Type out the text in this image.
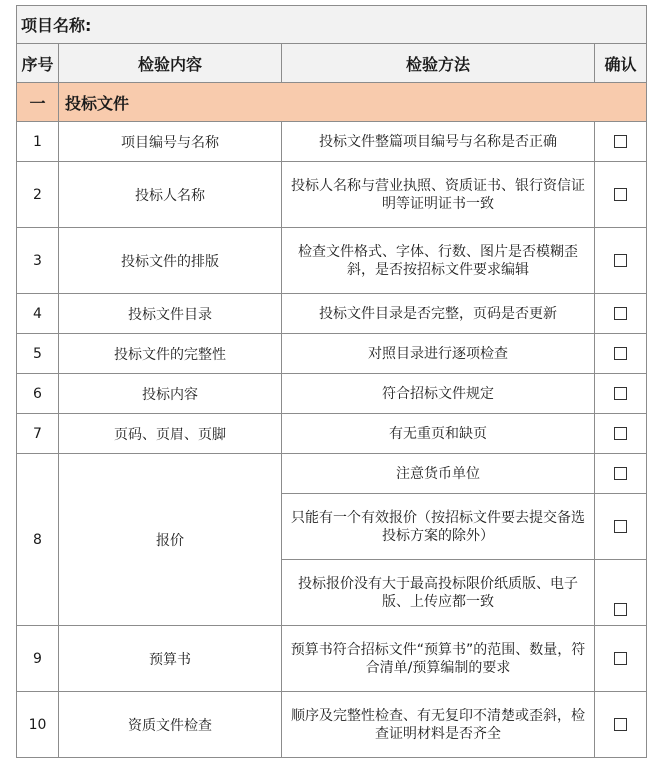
项目名称:			
序号	检验内容	检验方法	确认
一	投标文件		
1	项目编号与名称	投标文件整篇项目编号与名称是否正确	
2	投标人名称	投标人名称与营业执照、资质证书、银行资信证明等证明证书一致	
3	投标文件的排版	检查文件格式、字体、行数、图片是否模糊歪斜，是否按招标文件要求编辑	
4	投标文件目录	投标文件目录是否完整，页码是否更新	
5	投标文件的完整性	对照目录进行逐项检查	
6	投标内容	符合招标文件规定	
7	页码、页眉、页脚	有无重页和缺页	
8	报价	注意货币单位	
		只能有一个有效报价（按招标文件要去提交备选投标方案的除外）	
		投标报价没有大于最高投标限价纸质版、电子版、上传应都一致	
9	预算书	预算书符合招标文件“预算书”的范围、数量，符合清单/预算编制的要求	
10	资质文件检查	顺序及完整性检查、有无复印不清楚或歪斜，检查证明材料是否齐全	
